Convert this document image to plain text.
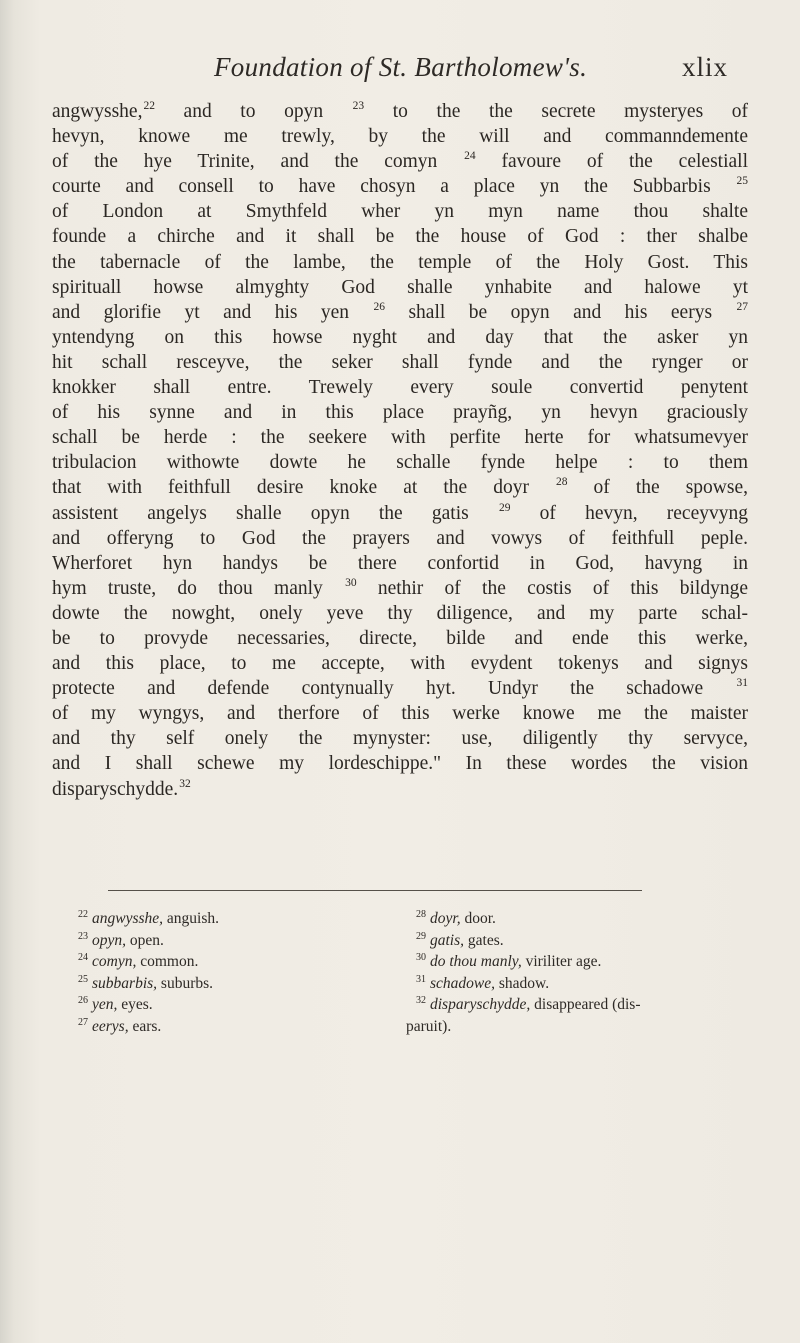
Foundation of St. Bartholomew's.	xlix
angwysshe,$^{22}$ and to opyn $^{23}$ to the the secrete mysteryes of
hevyn, knowe me trewly, by the will and commanndemente
of the hye Trinite, and the comyn $^{24}$ favoure of the celestiall
courte and consell to have chosyn a place yn the Subbarbis $^{25}$
of London at Smythfeld wher yn myn name thou shalte
founde a chirche and it shall be the house of God : ther shalbe
the tabernacle of the lambe, the temple of the Holy Gost. This
spirituall howse almyghty God shalle ynhabite and halowe yt
and glorifie yt and his yen $^{26}$ shall be opyn and his eerys $^{27}$
yntendyng on this howse nyght and day that the asker yn
hit schall resceyve, the seker shall fynde and the rynger or
knokker shall entre. Trewely every soule convertid penytent
of his synne and in this place prayñg, yn hevyn graciously
schall be herde : the seekere with perfite herte for whatsumevyer
tribulacion withowte dowte he schalle fynde helpe : to them
that with feithfull desire knoke at the doyr $^{28}$ of the spowse,
assistent angelys shalle opyn the gatis $^{29}$ of hevyn, receyvyng
and offeryng to God the prayers and vowys of feithfull peple.
Wherforet hyn handys be there confortid in God, havyng in
hym truste, do thou manly $^{30}$ nethir of the costis of this bildynge
dowte the nowght, onely yeve thy diligence, and my parte schal-
be to provyde necessaries, directe, bilde and ende this werke,
and this place, to me accepte, with evydent tokenys and signys
protecte and defende contynually hyt. Undyr the schadowe $^{31}$
of my wyngys, and therfore of this werke knowe me the maister
and thy self onely the mynyster: use, diligently thy servyce,
and I shall schewe my lordeschippe." In these wordes the vision
disparyschydde.$^{32}$
$^{22}$ angwysshe, anguish.
$^{23}$ opyn, open.
$^{24}$ comyn, common.
$^{25}$ subbarbis, suburbs.
$^{26}$ yen, eyes.
$^{27}$ eerys, ears.
$^{28}$ doyr, door.
$^{29}$ gatis, gates.
$^{30}$ do thou manly, viriliter age.
$^{31}$ schadowe, shadow.
$^{32}$ disparyschydde, disappeared (dis-
paruit).
